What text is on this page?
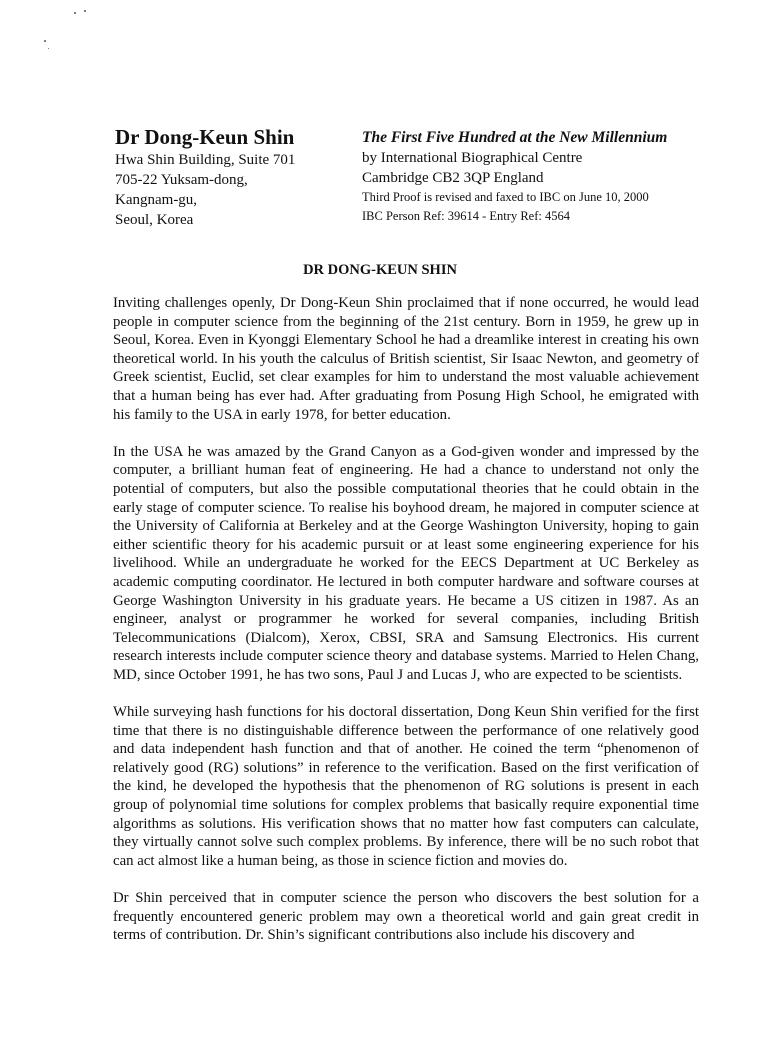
Dr Dong-Keun Shin

Hwa Shin Building, Suite 701

705-22 Yuksam-dong,

Kangnam-gu,

Seoul, Korea

The First Five Hundred at the New Millennium

by International Biographical Centre

Cambridge CB2 3QP England

Third Proof is revised and faxed to IBC on June 10, 2000

IBC Person Ref: 39614 - Entry Ref: 4564

DR DONG-KEUN SHIN

Inviting challenges openly, Dr Dong-Keun Shin proclaimed that if none occurred, he would lead people in computer science from the beginning of the 21st century. Born in 1959, he grew up in Seoul, Korea. Even in Kyonggi Elementary School he had a dreamlike interest in creating his own theoretical world. In his youth the calculus of British scientist, Sir Isaac Newton, and geometry of Greek scientist, Euclid, set clear examples for him to understand the most valuable achievement that a human being has ever had. After graduating from Posung High School, he emigrated with his family to the USA in early 1978, for better education.

In the USA he was amazed by the Grand Canyon as a God-given wonder and impressed by the computer, a brilliant human feat of engineering. He had a chance to understand not only the potential of computers, but also the possible computational theories that he could obtain in the early stage of computer science. To realise his boyhood dream, he majored in computer science at the University of California at Berkeley and at the George Washington University, hoping to gain either scientific theory for his academic pursuit or at least some engineering experience for his livelihood. While an undergraduate he worked for the EECS Department at UC Berkeley as academic computing coordinator. He lectured in both computer hardware and software courses at George Washington University in his graduate years. He became a US citizen in 1987. As an engineer, analyst or programmer he worked for several companies, including British Telecommunications (Dialcom), Xerox, CBSI, SRA and Samsung Electronics. His current research interests include computer science theory and database systems. Married to Helen Chang, MD, since October 1991, he has two sons, Paul J and Lucas J, who are expected to be scientists.

While surveying hash functions for his doctoral dissertation, Dong Keun Shin verified for the first time that there is no distinguishable difference between the performance of one relatively good and data independent hash function and that of another. He coined the term “phenomenon of relatively good (RG) solutions” in reference to the verification. Based on the first verification of the kind, he developed the hypothesis that the phenomenon of RG solutions is present in each group of polynomial time solutions for complex problems that basically require exponential time algorithms as solutions. His verification shows that no matter how fast computers can calculate, they virtually cannot solve such complex problems. By inference, there will be no such robot that can act almost like a human being, as those in science fiction and movies do.

Dr Shin perceived that in computer science the person who discovers the best solution for a frequently encountered generic problem may own a theoretical world and gain great credit in terms of contribution. Dr. Shin’s significant contributions also include his discovery and
